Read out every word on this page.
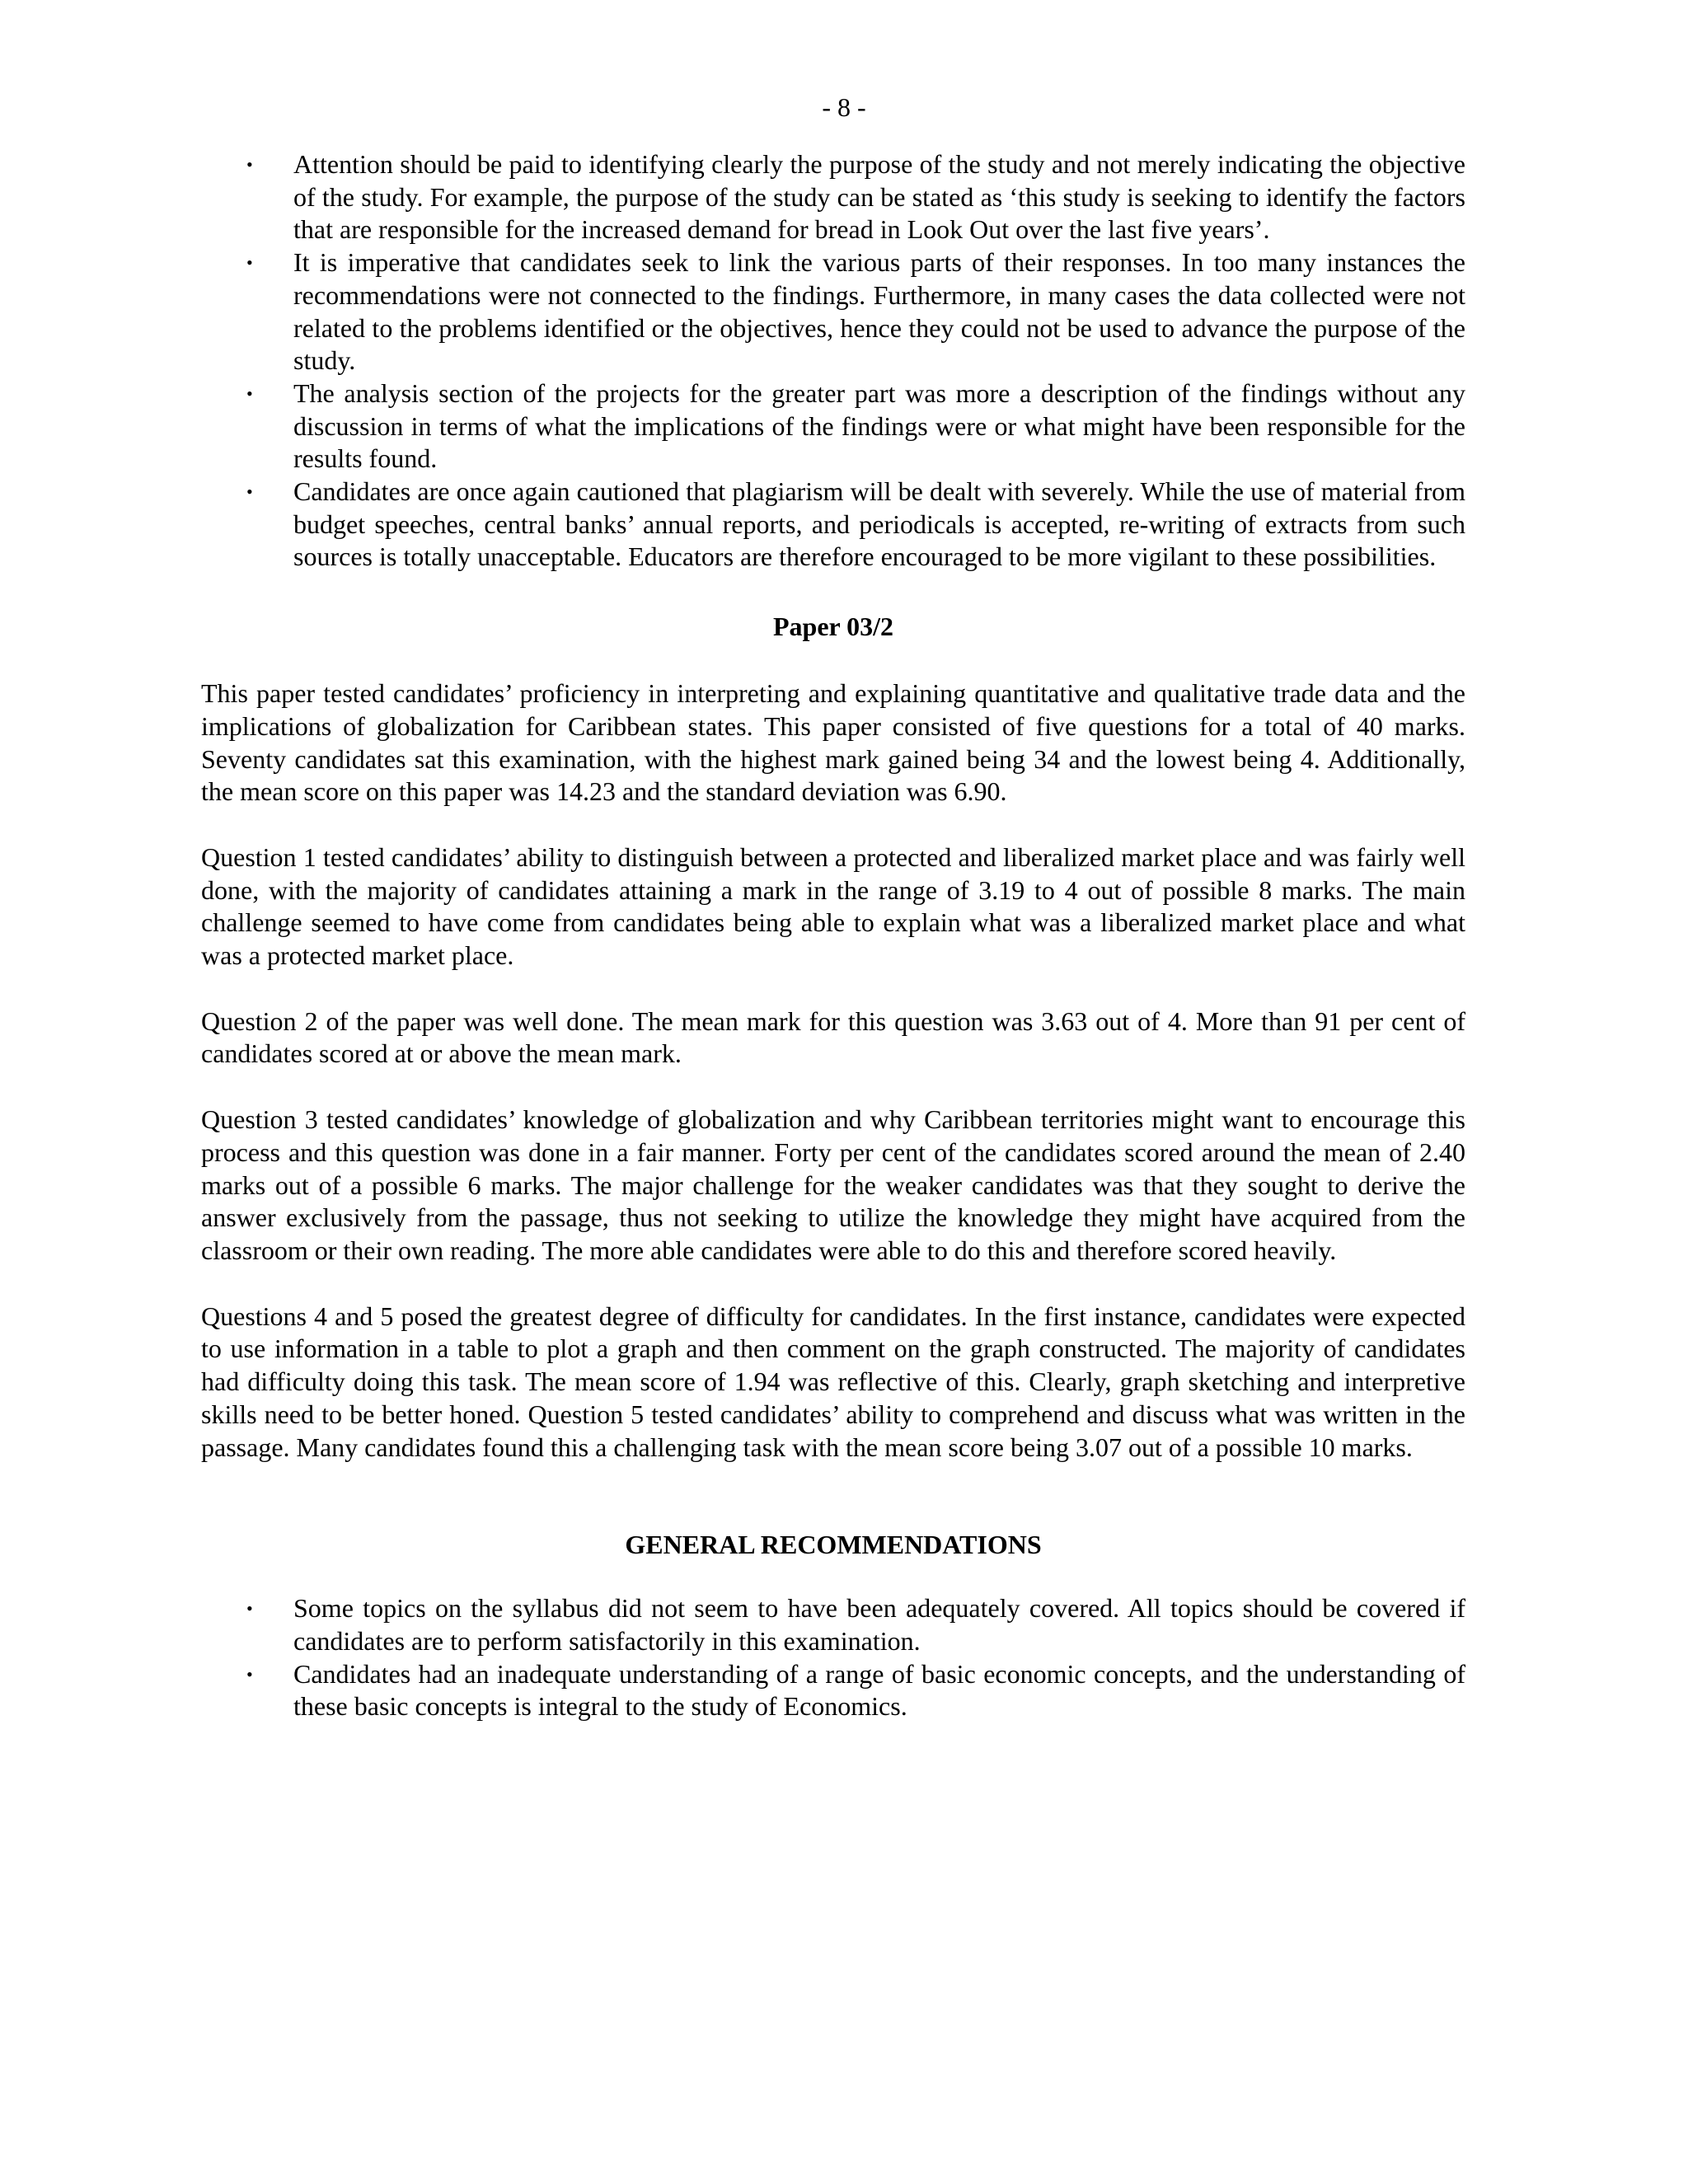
- 8 -
• Attention should be paid to identifying clearly the purpose of the study and not merely indicating the objective of the study. For example, the purpose of the study can be stated as ‘this study is seeking to identify the factors that are responsible for the increased demand for bread in Look Out over the last five years’.
• It is imperative that candidates seek to link the various parts of their responses. In too many instances the recommendations were not connected to the findings. Furthermore, in many cases the data collected were not related to the problems identified or the objectives, hence they could not be used to advance the purpose of the study.
• The analysis section of the projects for the greater part was more a description of the findings without any discussion in terms of what the implications of the findings were or what might have been responsible for the results found.
• Candidates are once again cautioned that plagiarism will be dealt with severely. While the use of material from budget speeches, central banks’ annual reports, and periodicals is accepted, re-writing of extracts from such sources is totally unacceptable. Educators are therefore encouraged to be more vigilant to these possibilities.
Paper 03/2

This paper tested candidates’ proficiency in interpreting and explaining quantitative and qualitative trade data and the implications of globalization for Caribbean states. This paper consisted of five questions for a total of 40 marks. Seventy candidates sat this examination, with the highest mark gained being 34 and the lowest being 4. Additionally, the mean score on this paper was 14.23 and the standard deviation was 6.90.

Question 1 tested candidates’ ability to distinguish between a protected and liberalized market place and was fairly well done, with the majority of candidates attaining a mark in the range of 3.19 to 4 out of possible 8 marks. The main challenge seemed to have come from candidates being able to explain what was a liberalized market place and what was a protected market place.

Question 2 of the paper was well done. The mean mark for this question was 3.63 out of 4. More than 91 per cent of candidates scored at or above the mean mark.

Question 3 tested candidates’ knowledge of globalization and why Caribbean territories might want to encourage this process and this question was done in a fair manner. Forty per cent of the candidates scored around the mean of 2.40 marks out of a possible 6 marks. The major challenge for the weaker candidates was that they sought to derive the answer exclusively from the passage, thus not seeking to utilize the knowledge they might have acquired from the classroom or their own reading. The more able candidates were able to do this and therefore scored heavily.

Questions 4 and 5 posed the greatest degree of difficulty for candidates. In the first instance, candidates were expected to use information in a table to plot a graph and then comment on the graph constructed. The majority of candidates had difficulty doing this task. The mean score of 1.94 was reflective of this. Clearly, graph sketching and interpretive skills need to be better honed. Question 5 tested candidates’ ability to comprehend and discuss what was written in the passage. Many candidates found this a challenging task with the mean score being 3.07 out of a possible 10 marks.

GENERAL RECOMMENDATIONS
• Some topics on the syllabus did not seem to have been adequately covered. All topics should be covered if candidates are to perform satisfactorily in this examination.
• Candidates had an inadequate understanding of a range of basic economic concepts, and the understanding of these basic concepts is integral to the study of Economics.
